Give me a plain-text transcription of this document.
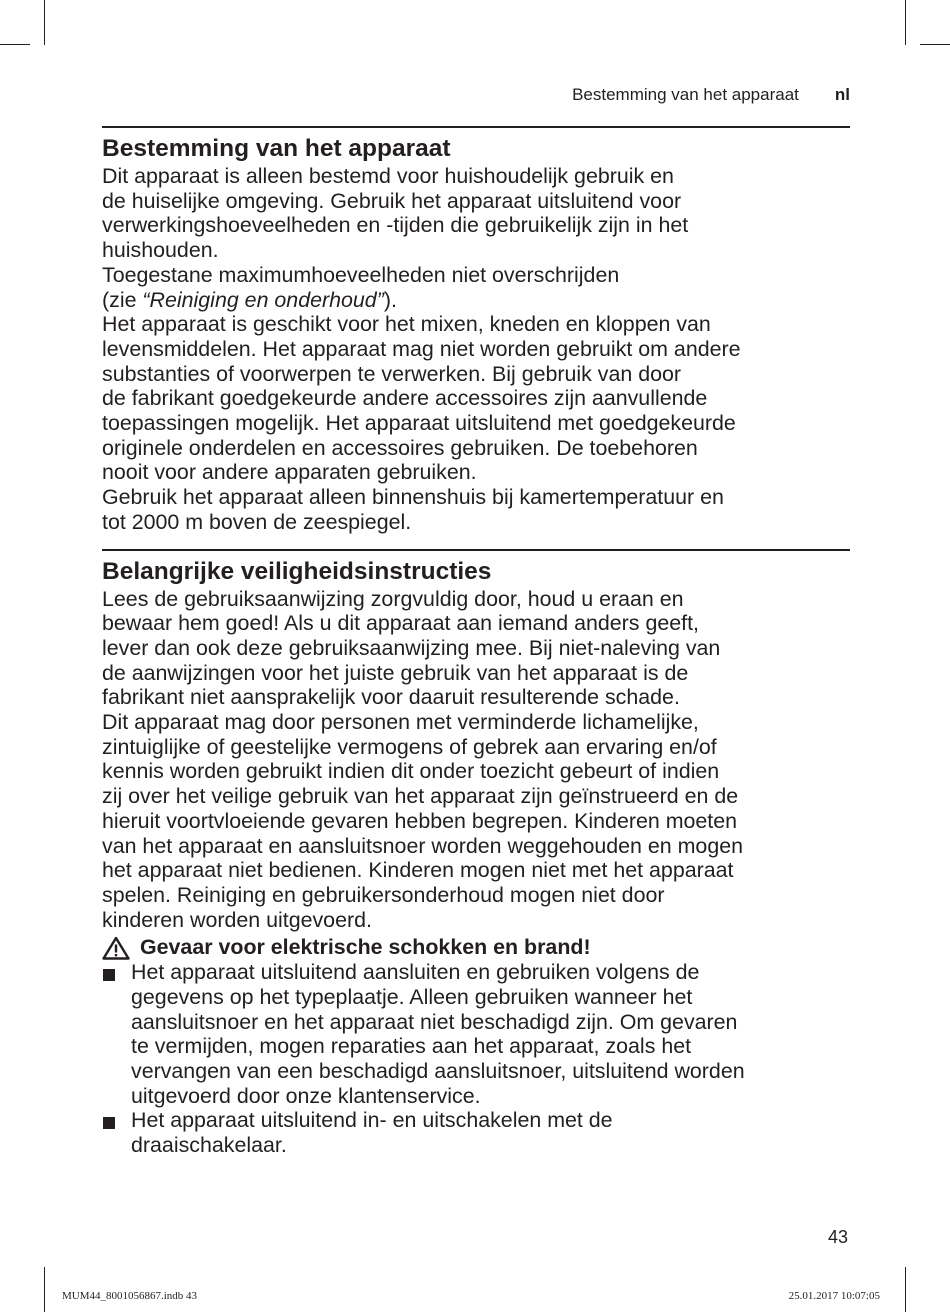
Bestemming van het apparaat nl
Bestemming van het apparaat
Dit apparaat is alleen bestemd voor huishoudelijk gebruik en
de huiselijke omgeving. Gebruik het apparaat uitsluitend voor
verwerkingshoeveelheden en -tijden die gebruikelijk zijn in het
huishouden.
Toegestane maximumhoeveelheden niet overschrijden
(zie “Reiniging en onderhoud”).
Het apparaat is geschikt voor het mixen, kneden en kloppen van
levensmiddelen. Het apparaat mag niet worden gebruikt om andere
substanties of voorwerpen te verwerken. Bij gebruik van door
de fabrikant goedgekeurde andere accessoires zijn aanvullende
toepassingen mogelijk. Het apparaat uitsluitend met goedgekeurde
originele onderdelen en accessoires gebruiken. De toebehoren
nooit voor andere apparaten gebruiken.
Gebruik het apparaat alleen binnenshuis bij kamertemperatuur en
tot 2000 m boven de zeespiegel.
Belangrijke veiligheidsinstructies
Lees de gebruiksaanwijzing zorgvuldig door, houd u eraan en
bewaar hem goed! Als u dit apparaat aan iemand anders geeft,
lever dan ook deze gebruiksaanwijzing mee. Bij niet-naleving van
de aanwijzingen voor het juiste gebruik van het apparaat is de
fabrikant niet aansprakelijk voor daaruit resulterende schade.
Dit apparaat mag door personen met verminderde lichamelijke,
zintuiglijke of geestelijke vermogens of gebrek aan ervaring en/of
kennis worden gebruikt indien dit onder toezicht gebeurt of indien
zij over het veilige gebruik van het apparaat zijn geïnstrueerd en de
hieruit voortvloeiende gevaren hebben begrepen. Kinderen moeten
van het apparaat en aansluitsnoer worden weggehouden en mogen
het apparaat niet bedienen. Kinderen mogen niet met het apparaat
spelen. Reiniging en gebruikersonderhoud mogen niet door
kinderen worden uitgevoerd.
Gevaar voor elektrische schokken en brand!
Het apparaat uitsluitend aansluiten en gebruiken volgens de
gegevens op het typeplaatje. Alleen gebruiken wanneer het
aansluitsnoer en het apparaat niet beschadigd zijn. Om gevaren
te vermijden, mogen reparaties aan het apparaat, zoals het
vervangen van een beschadigd aansluitsnoer, uitsluitend worden
uitgevoerd door onze klantenservice.
Het apparaat uitsluitend in- en uitschakelen met de
draaischakelaar.
43
MUM44_8001056867.indb 43	25.01.2017 10:07:05
